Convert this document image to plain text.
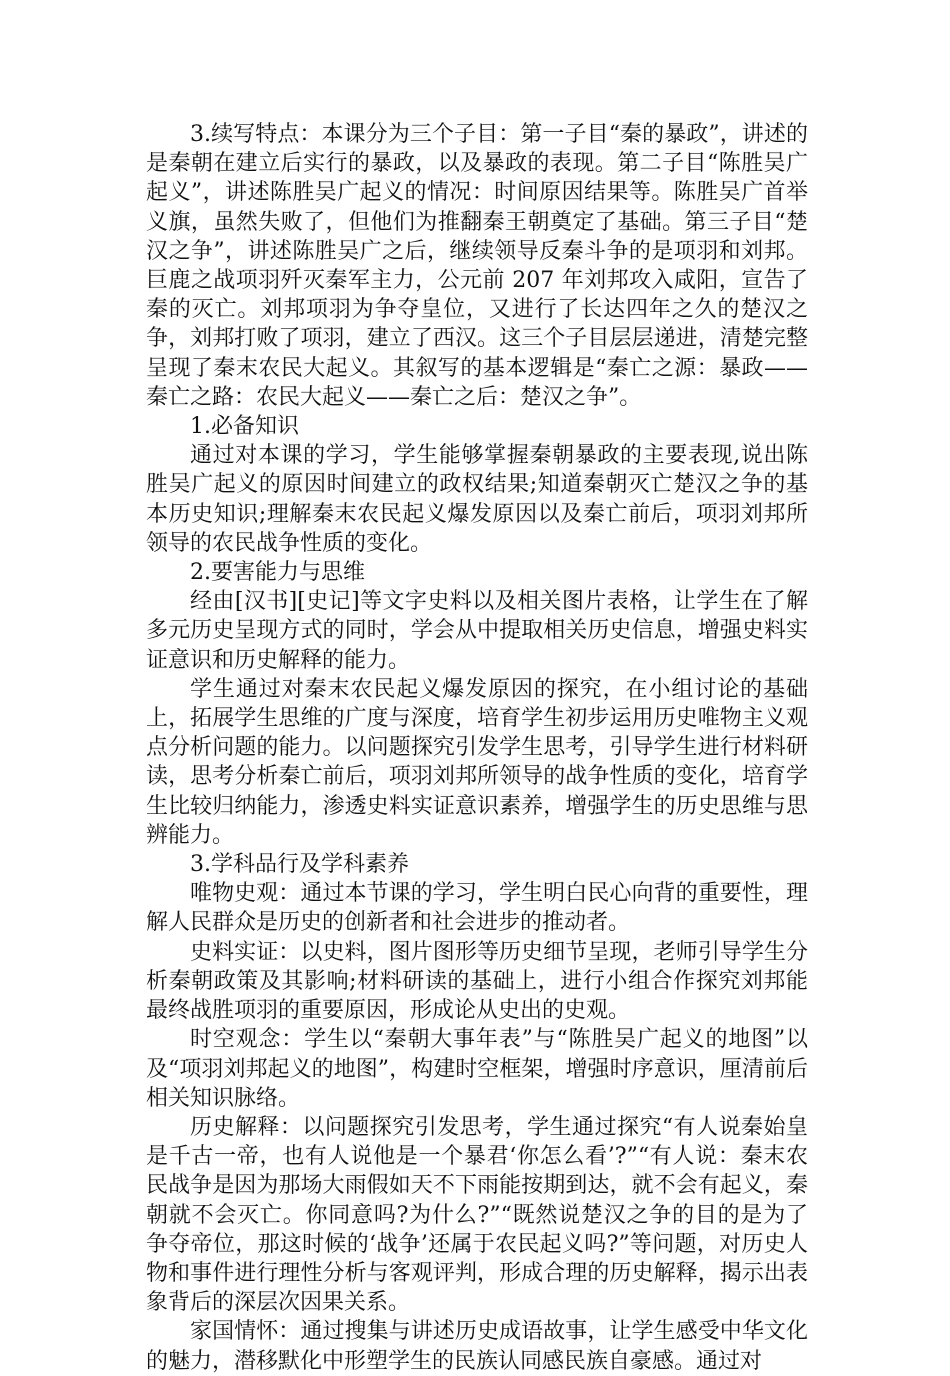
3.续写特点：本课分为三个子目：第一子目“秦的暴政”，讲述的是秦朝在建立后实行的暴政，以及暴政的表现。第二子目“陈胜吴广起义”，讲述陈胜吴广起义的情况：时间原因结果等。陈胜吴广首举义旗，虽然失败了，但他们为推翻秦王朝奠定了基础。第三子目“楚汉之争”，讲述陈胜吴广之后，继续领导反秦斗争的是项羽和刘邦。巨鹿之战项羽歼灭秦军主力，公元前 207 年刘邦攻入咸阳，宣告了秦的灭亡。刘邦项羽为争夺皇位，又进行了长达四年之久的楚汉之争，刘邦打败了项羽，建立了西汉。这三个子目层层递进，清楚完整呈现了秦末农民大起义。其叙写的基本逻辑是“秦亡之源：暴政——秦亡之路：农民大起义——秦亡之后：楚汉之争”。

1.必备知识

通过对本课的学习，学生能够掌握秦朝暴政的主要表现,说出陈胜吴广起义的原因时间建立的政权结果;知道秦朝灭亡楚汉之争的基本历史知识;理解秦末农民起义爆发原因以及秦亡前后，项羽刘邦所领导的农民战争性质的变化。

2.要害能力与思维

经由[汉书][史记]等文字史料以及相关图片表格，让学生在了解多元历史呈现方式的同时，学会从中提取相关历史信息，增强史料实证意识和历史解释的能力。

学生通过对秦末农民起义爆发原因的探究，在小组讨论的基础上，拓展学生思维的广度与深度，培育学生初步运用历史唯物主义观点分析问题的能力。以问题探究引发学生思考，引导学生进行材料研读，思考分析秦亡前后，项羽刘邦所领导的战争性质的变化，培育学生比较归纳能力，渗透史料实证意识素养，增强学生的历史思维与思辨能力。

3.学科品行及学科素养

唯物史观：通过本节课的学习，学生明白民心向背的重要性，理解人民群众是历史的创新者和社会进步的推动者。

史料实证：以史料，图片图形等历史细节呈现，老师引导学生分析秦朝政策及其影响;材料研读的基础上，进行小组合作探究刘邦能最终战胜项羽的重要原因，形成论从史出的史观。

时空观念：学生以“秦朝大事年表”与“陈胜吴广起义的地图”以及“项羽刘邦起义的地图”，构建时空框架，增强时序意识，厘清前后相关知识脉络。

历史解释：以问题探究引发思考，学生通过探究“有人说秦始皇是千古一帝，也有人说他是一个暴君‘你怎么看’?”“有人说：秦末农民战争是因为那场大雨假如天不下雨能按期到达，就不会有起义，秦朝就不会灭亡。你同意吗?为什么?”“既然说楚汉之争的目的是为了争夺帝位，那这时候的‘战争’还属于农民起义吗?”等问题，对历史人物和事件进行理性分析与客观评判，形成合理的历史解释，揭示出表象背后的深层次因果关系。

家国情怀：通过搜集与讲述历史成语故事，让学生感受中华文化的魅力，潜移默化中形塑学生的民族认同感民族自豪感。通过对
